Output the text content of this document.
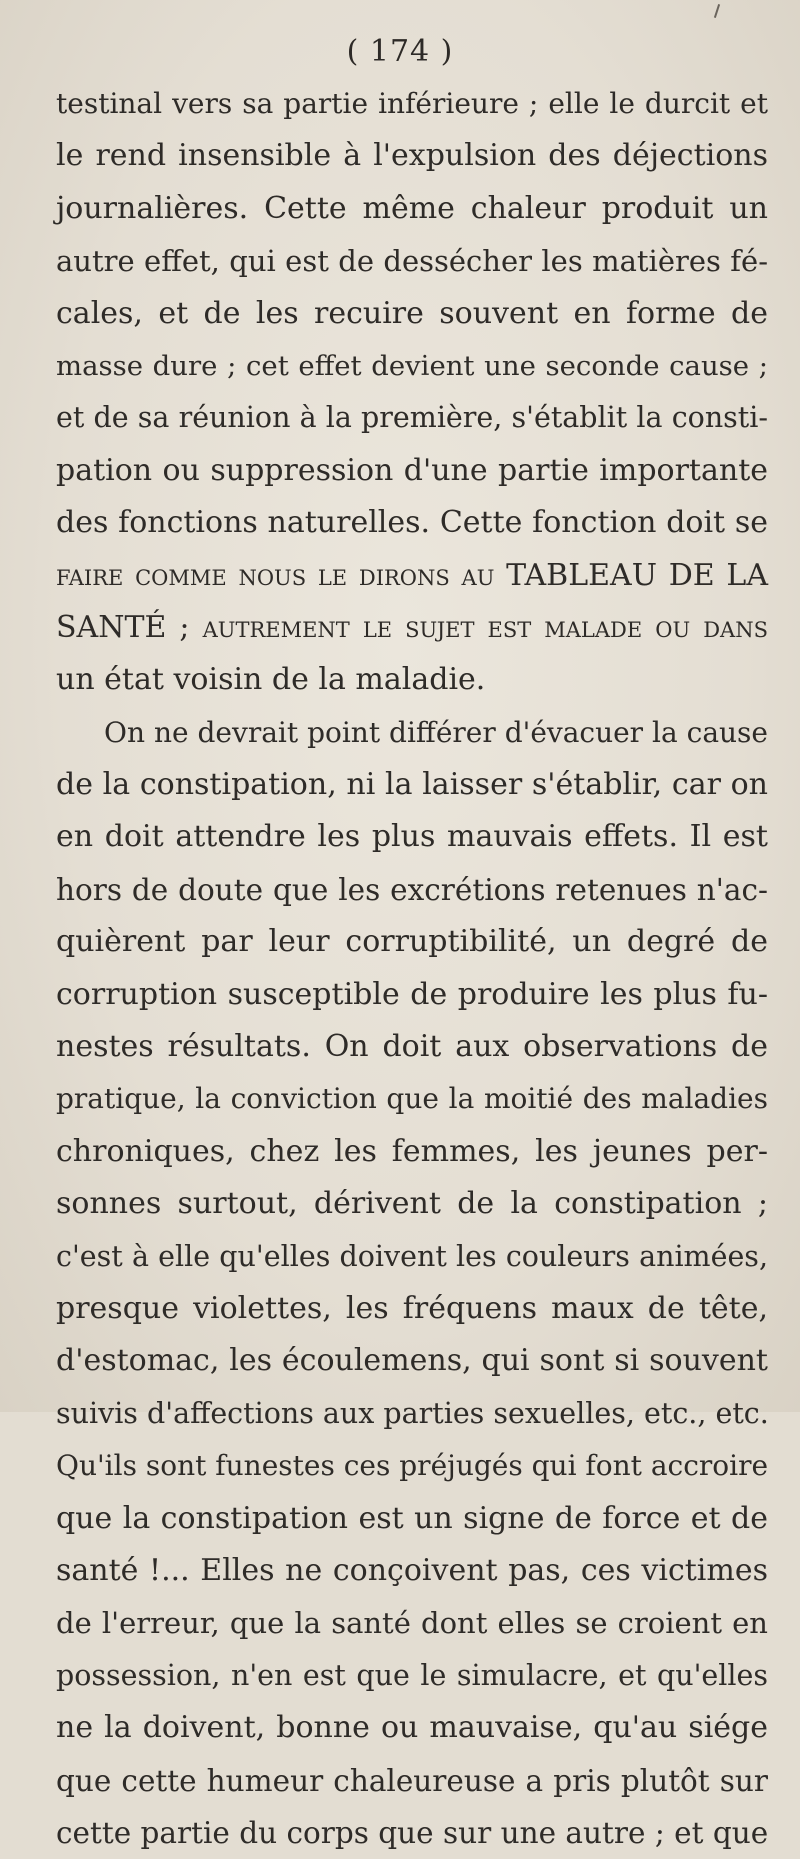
( 174 )

testinal vers sa partie inférieure ; elle le durcit et
le rend insensible à l'expulsion des déjections
journalières. Cette même chaleur produit un
autre effet, qui est de dessécher les matières fé-
cales, et de les recuire souvent en forme de
masse dure ; cet effet devient une seconde cause ;
et de sa réunion à la première, s'établit la consti-
pation ou suppression d'une partie importante
des fonctions naturelles. Cette fonction doit se
faire comme nous le dirons au TABLEAU DE LA
SANTÉ ; autrement le sujet est malade ou dans
un état voisin de la maladie.
On ne devrait point différer d'évacuer la cause
de la constipation, ni la laisser s'établir, car on
en doit attendre les plus mauvais effets. Il est
hors de doute que les excrétions retenues n'ac-
quièrent par leur corruptibilité, un degré de
corruption susceptible de produire les plus fu-
nestes résultats. On doit aux observations de
pratique, la conviction que la moitié des maladies
chroniques, chez les femmes, les jeunes per-
sonnes surtout, dérivent de la constipation ;
c'est à elle qu'elles doivent les couleurs animées,
presque violettes, les fréquens maux de tête,
d'estomac, les écoulemens, qui sont si souvent
suivis d'affections aux parties sexuelles, etc., etc.
Qu'ils sont funestes ces préjugés qui font accroire
que la constipation est un signe de force et de
santé !... Elles ne conçoivent pas, ces victimes
de l'erreur, que la santé dont elles se croient en
possession, n'en est que le simulacre, et qu'elles
ne la doivent, bonne ou mauvaise, qu'au siége
que cette humeur chaleureuse a pris plutôt sur
cette partie du corps que sur une autre ; et que
